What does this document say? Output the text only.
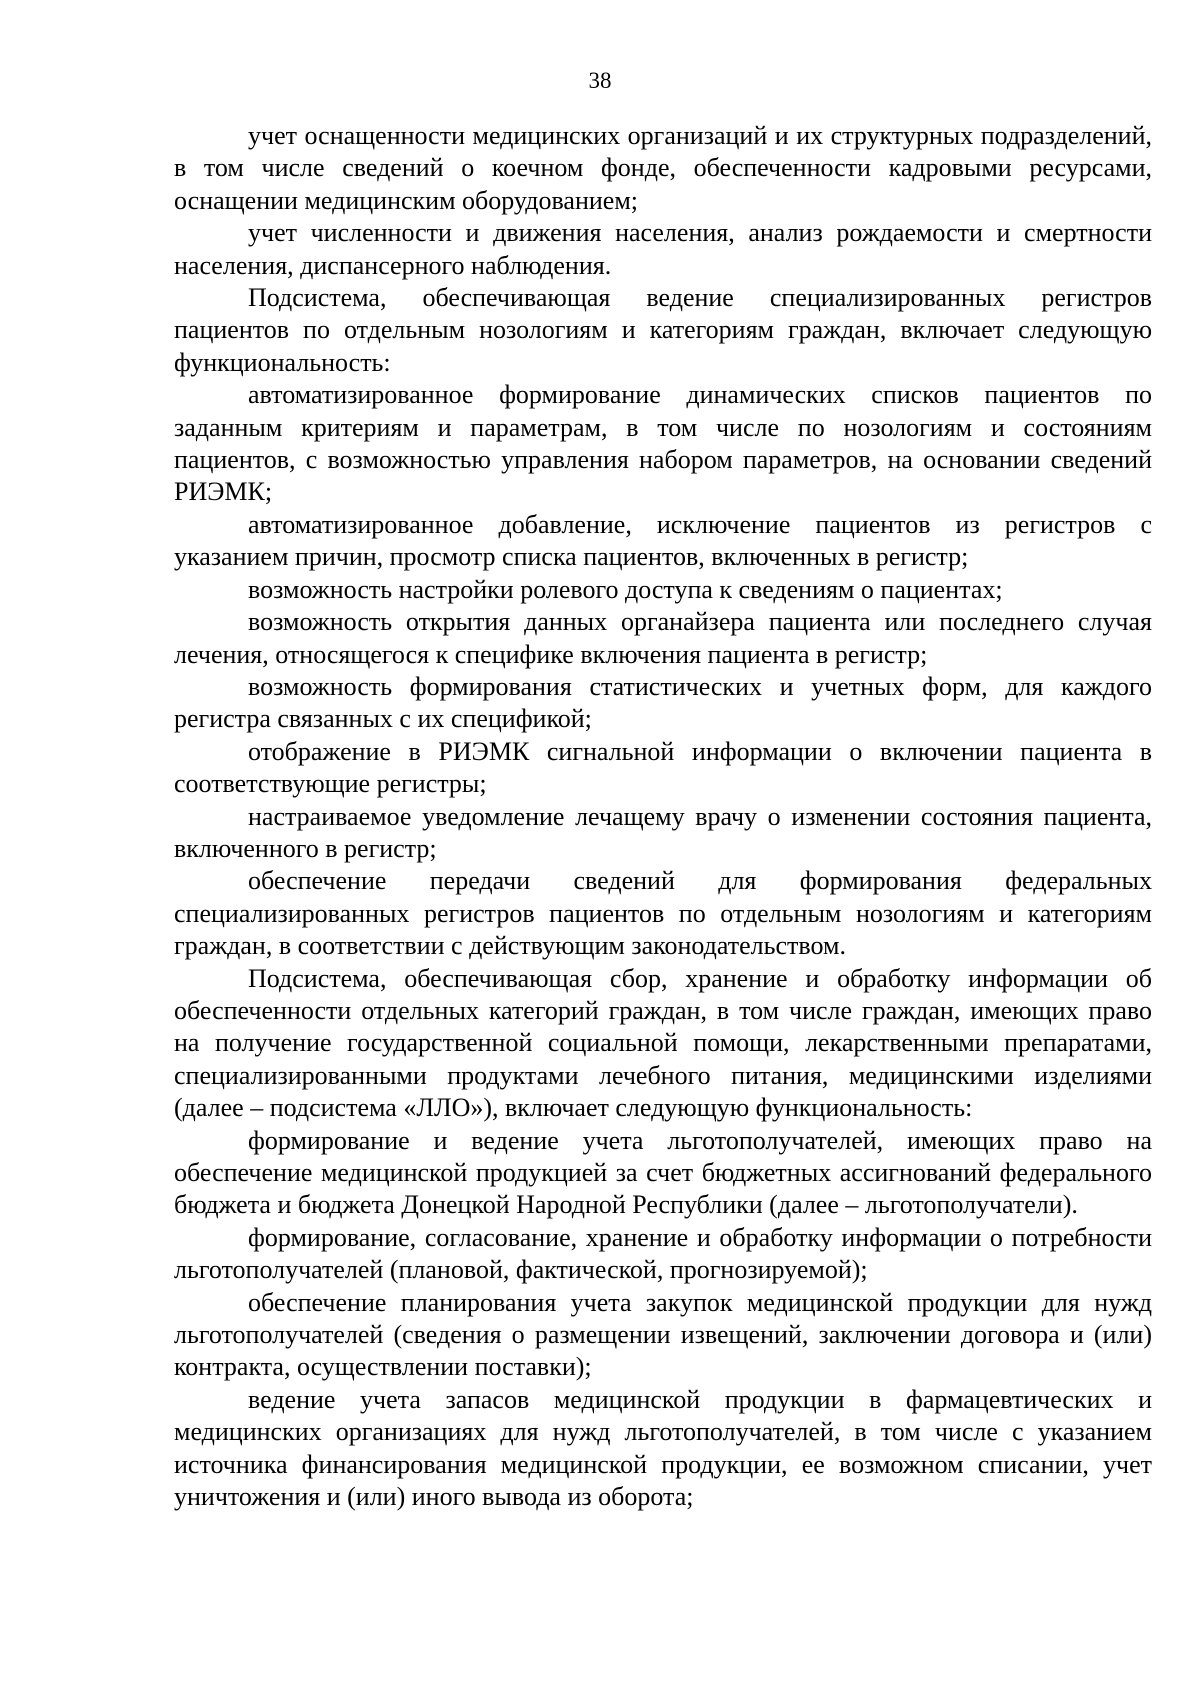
38

учет оснащенности медицинских организаций и их структурных подразделений, в том числе сведений о коечном фонде, обеспеченности кадровыми ресурсами, оснащении медицинским оборудованием;

учет численности и движения населения, анализ рождаемости и смертности населения, диспансерного наблюдения.

Подсистема, обеспечивающая ведение специализированных регистров пациентов по отдельным нозологиям и категориям граждан, включает следующую функциональность:

автоматизированное формирование динамических списков пациентов по заданным критериям и параметрам, в том числе по нозологиям и состояниям пациентов, с возможностью управления набором параметров, на основании сведений РИЭМК;

автоматизированное добавление, исключение пациентов из регистров с указанием причин, просмотр списка пациентов, включенных в регистр;

возможность настройки ролевого доступа к сведениям о пациентах;

возможность открытия данных органайзера пациента или последнего случая лечения, относящегося к специфике включения пациента в регистр;

возможность формирования статистических и учетных форм, для каждого регистра связанных с их спецификой;

отображение в РИЭМК сигнальной информации о включении пациента в соответствующие регистры;

настраиваемое уведомление лечащему врачу о изменении состояния пациента, включенного в регистр;

обеспечение передачи сведений для формирования федеральных специализированных регистров пациентов по отдельным нозологиям и категориям граждан, в соответствии с действующим законодательством.

Подсистема, обеспечивающая сбор, хранение и обработку информации об обеспеченности отдельных категорий граждан, в том числе граждан, имеющих право на получение государственной социальной помощи, лекарственными препаратами, специализированными продуктами лечебного питания, медицинскими изделиями (далее – подсистема «ЛЛО»), включает следующую функциональность:

формирование и ведение учета льготополучателей, имеющих право на обеспечение медицинской продукцией за счет бюджетных ассигнований федерального бюджета и бюджета Донецкой Народной Республики (далее – льготополучатели).

формирование, согласование, хранение и обработку информации о потребности льготополучателей (плановой, фактической, прогнозируемой);

обеспечение планирования учета закупок медицинской продукции для нужд льготополучателей (сведения о размещении извещений, заключении договора и (или) контракта, осуществлении поставки);

ведение учета запасов медицинской продукции в фармацевтических и медицинских организациях для нужд льготополучателей, в том числе с указанием источника финансирования медицинской продукции, ее возможном списании, учет уничтожения и (или) иного вывода из оборота;
